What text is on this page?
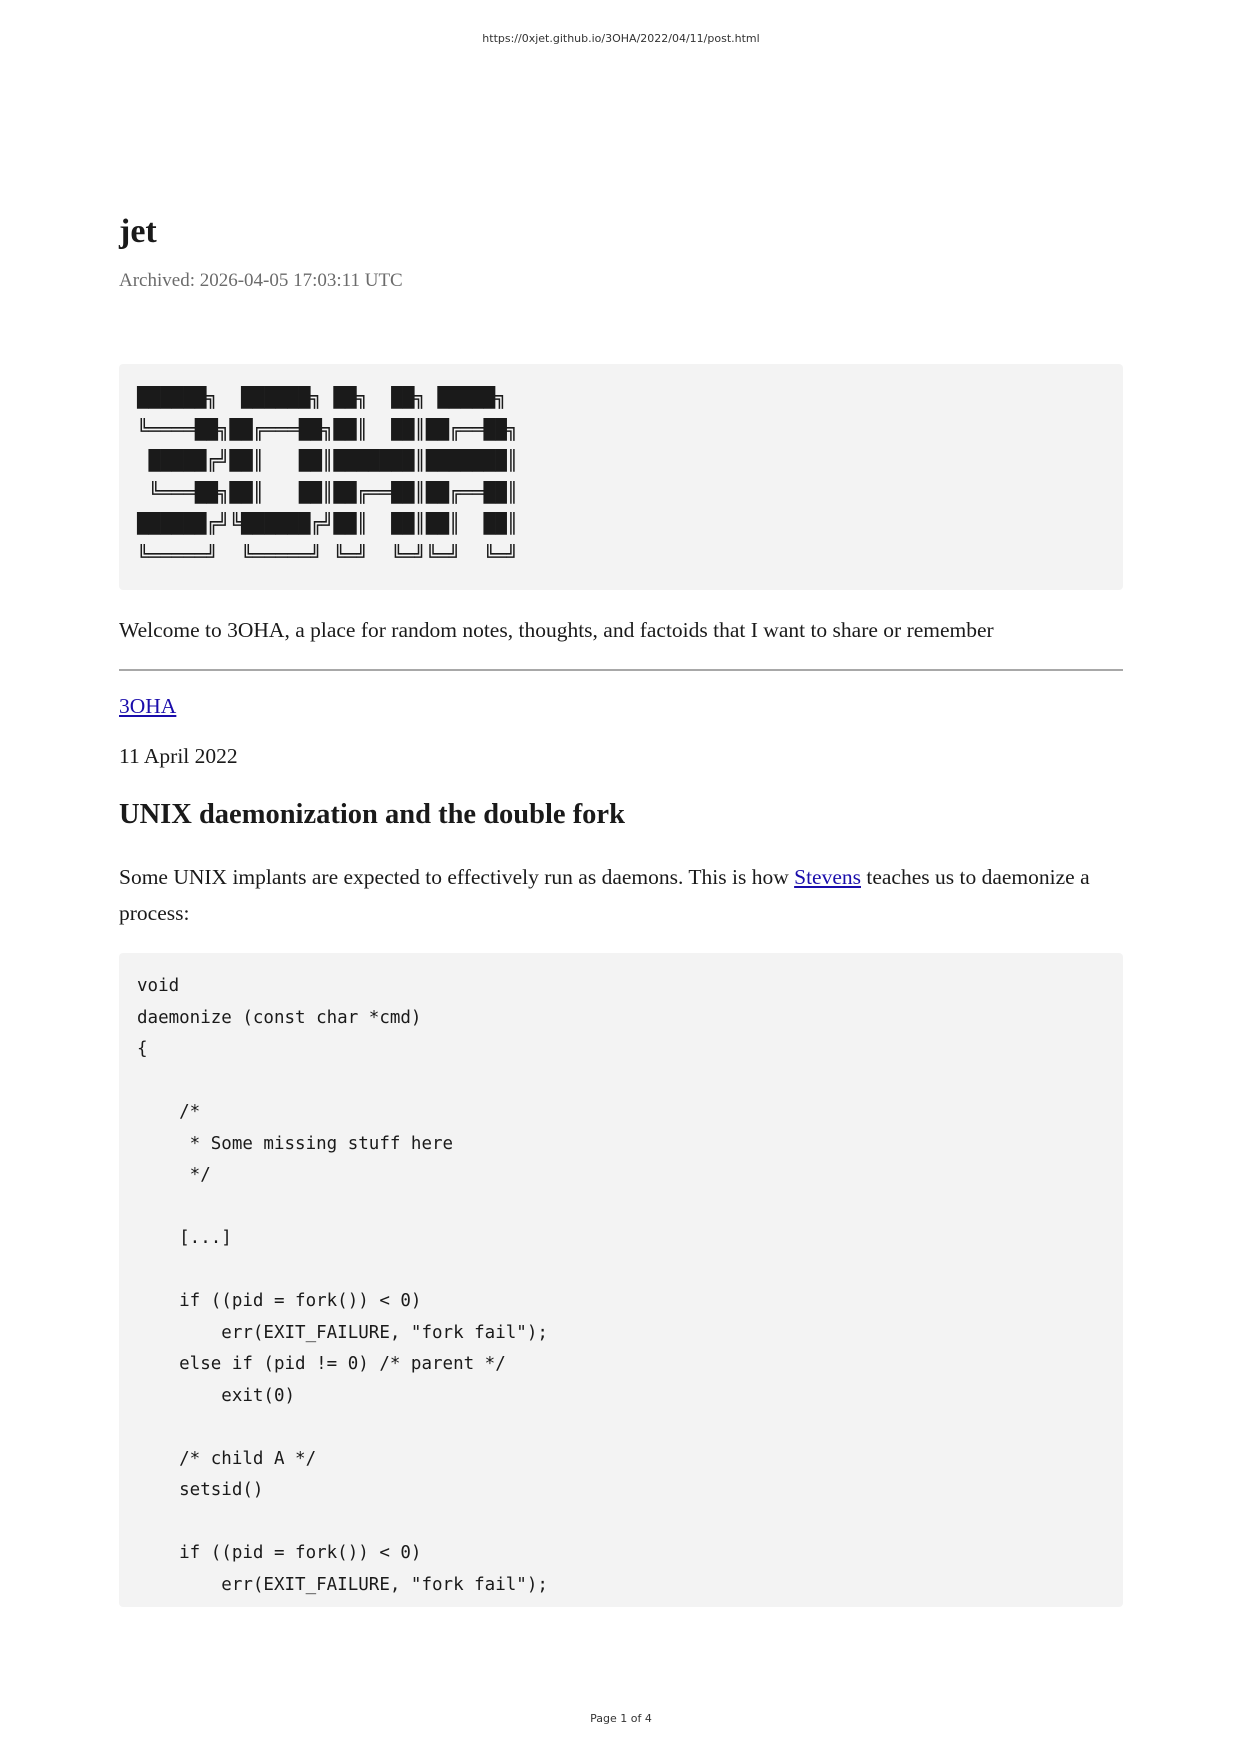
https://0xjet.github.io/3OHA/2022/04/11/post.html
jet
Archived: 2026-04-05 17:03:11 UTC
██████╗  ██████╗ ██╗  ██╗ █████╗
╚════██╗██╔═══██╗██║  ██║██╔══██╗
█████╔╝██║   ██║███████║███████║
╚═══██╗██║   ██║██╔══██║██╔══██║
██████╔╝╚██████╔╝██║  ██║██║  ██║
╚═════╝  ╚═════╝ ╚═╝  ╚═╝╚═╝  ╚═╝
Welcome to 3OHA, a place for random notes, thoughts, and factoids that I want to share or remember
3OHA
11 April 2022
UNIX daemonization and the double fork

Some UNIX implants are expected to effectively run as daemons. This is how Stevens teaches us to daemonize a process:

void
daemonize (const char *cmd)
{

/*
* Some missing stuff here
*/

[...]

if ((pid = fork()) < 0)
err(EXIT_FAILURE, "fork fail");
else if (pid != 0) /* parent */
exit(0)

/* child A */
setsid()

if ((pid = fork()) < 0)
err(EXIT_FAILURE, "fork fail");
Page 1 of 4
